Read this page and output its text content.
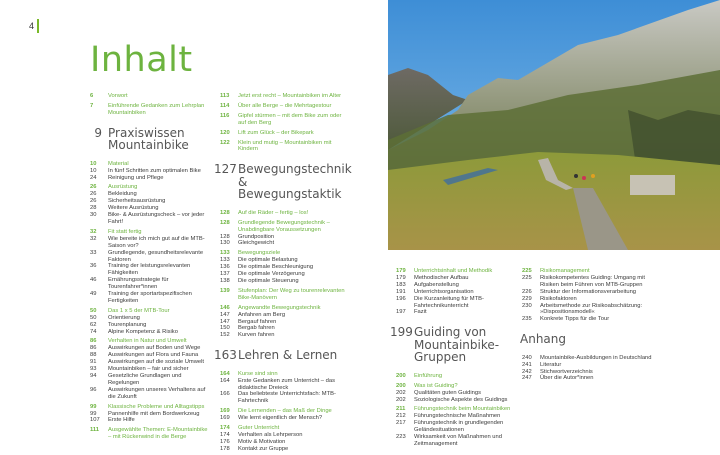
4
Inhalt
6	Vorwort
7	Einführende Gedanken zum Lehrplan Mountainbiken
9 Praxiswissen Mountainbike
10	Material
10	In fünf Schritten zum optimalen Bike
24	Reinigung und Pflege
26	Ausrüstung
26	Bekleidung
26	Sicherheitsausrüstung
28	Weitere Ausrüstung
30	Bike- & Ausrüstungscheck – vor jeder Fahrt!
32	Fit statt fertig
32	Wie bereite ich mich gut auf die MTB-Saison vor?
33	Grundlegende, gesundheitsrelevante Faktoren
36	Training der leistungsrelevanten Fähigkeiten
46	Ernährungsstrategie für Tourenfahrer*innen
49	Training der sportartspezifischen Fertigkeiten
50	Das 1 x 5 der MTB-Tour
50	Orientierung
62	Tourenplanung
74	Alpine Kompetenz & Risiko
86	Verhalten in Natur und Umwelt
86	Auswirkungen auf Boden und Wege
88	Auswirkungen auf Flora und Fauna
91	Auswirkungen auf die soziale Umwelt
93	Mountainbiken – fair und sicher
94	Gesetzliche Grundlagen und Regelungen
96	Auswirkungen unseres Verhaltens auf die Zukunft
99	Klassische Probleme und Alltagstipps
99	Pannenhilfe mit dem Bordwerkzeug
107	Erste Hilfe
111	Ausgewählte Themen: E-Mountainbike – mit Rückenwind in die Berge
113	Jetzt erst recht – Mountainbiken im Alter
114	Über alle Berge – die Mehrtagestour
116	Gipfel stürmen – mit dem Bike zum oder auf den Berg
120	Lift zum Glück – der Bikepark
122	Klein und mutig – Mountainbiken mit Kindern
127 Bewegungstechnik & Bewegungstaktik
128	Auf die Räder – fertig – los!
128	Grundlegende Bewegungstechnik – Unabdingbare Voraussetzungen
128	Grundposition
130	Gleichgewicht
133	Bewegungsziele
133	Die optimale Belastung
136	Die optimale Beschleunigung
137	Die optimale Verzögerung
138	Die optimale Steuerung
139	Stufenplan: Der Weg zu tourenrelevanten Bike-Manövern
146	Angewandte Bewegungstechnik
147	Anfahren am Berg
147	Bergauf fahren
150	Bergab fahren
152	Kurven fahren
163 Lehren & Lernen
164	Kurse sind sinn
164	Erste Gedanken zum Unterricht – das didaktische Dreieck
166	Das beliebteste Unterrichtsfach: MTB-Fahrtechnik
169	Die Lernenden – das Maß der Dinge
169	Wie lernt eigentlich der Mensch?
174	Guter Unterricht
174	Verhalten als Lehrperson
176	Motiv & Motivation
178	Kontakt zur Gruppe
179	Unterrichtsinhalt und Methodik
179	Methodischer Aufbau
183	Aufgabenstellung
191	Unterrichtsorganisation
196	Die Kurzanleitung für MTB-Fahrtechnikunterricht
197	Fazit
199 Guiding von Mountainbike-Gruppen
200	Einführung
200	Was ist Guiding?
202	Qualitäten guten Guidings
202	Soziologische Aspekte des Guidings
211	Führungstechnik beim Mountainbiken
212	Führungstechnische Maßnahmen
217	Führungstechnik in grundlegenden Geländesituationen
223	Wirksamkeit von Maßnahmen und Zeitmanagement
225	Risikomanagement
225	Risikokompetentes Guiding: Umgang mit Risiken beim Führen von MTB-Gruppen
226	Struktur der Informationsverarbeitung
229	Risikofaktoren
230	Arbeitsmethode zur Risikoabschätzung: »Dispositionsmodell«
235	Konkrete Tipps für die Tour
Anhang
240	Mountainbike-Ausbildungen in Deutschland
241	Literatur
242	Stichwortverzeichnis
247	Über die Autor*innen
